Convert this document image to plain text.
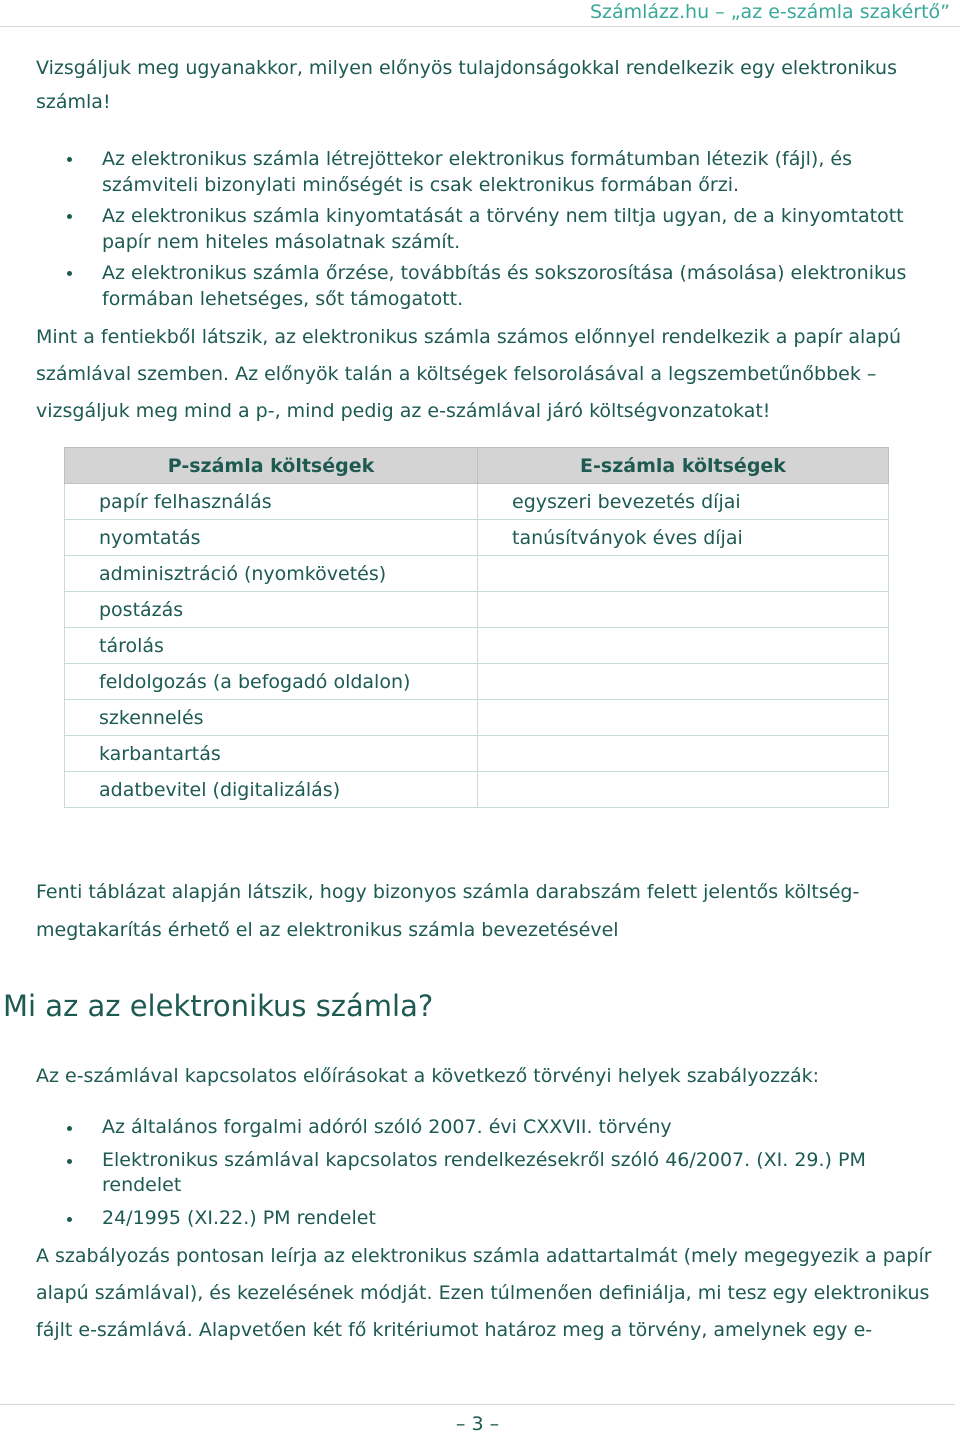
Számlázz.hu – „az e-számla szakértő”

Vizsgáljuk meg ugyanakkor, milyen előnyös tulajdonságokkal rendelkezik egy elektronikus számla!

Az elektronikus számla létrejöttekor elektronikus formátumban létezik (fájl), és számviteli bizonylati minőségét is csak elektronikus formában őrzi.
Az elektronikus számla kinyomtatását a törvény nem tiltja ugyan, de a kinyomtatott papír nem hiteles másolatnak számít.
Az elektronikus számla őrzése, továbbítás és sokszorosítása (másolása) elektronikus formában lehetséges, sőt támogatott.

Mint a fentiekből látszik, az elektronikus számla számos előnnyel rendelkezik a papír alapú számlával szemben. Az előnyök talán a költségek felsorolásával a legszembetűnőbbek – vizsgáljuk meg mind a p-, mind pedig az e-számlával járó költségvonzatokat!

P-számla költségek	E-számla költségek
papír felhasználás	egyszeri bevezetés díjai
nyomtatás	tanúsítványok éves díjai
adminisztráció (nyomkövetés)	
postázás	
tárolás	
feldolgozás (a befogadó oldalon)	
szkennelés	
karbantartás	
adatbevitel (digitalizálás)	

Fenti táblázat alapján látszik, hogy bizonyos számla darabszám felett jelentős költség-megtakarítás érhető el az elektronikus számla bevezetésével

Mi az az elektronikus számla?

Az e-számlával kapcsolatos előírásokat a következő törvényi helyek szabályozzák:

Az általános forgalmi adóról szóló 2007. évi CXXVII. törvény
Elektronikus számlával kapcsolatos rendelkezésekről szóló 46/2007. (XI. 29.) PM rendelet
24/1995 (XI.22.) PM rendelet

A szabályozás pontosan leírja az elektronikus számla adattartalmát (mely megegyezik a papír alapú számlával), és kezelésének módját. Ezen túlmenően definiálja, mi tesz egy elektronikus fájlt e-számlává. Alapvetően két fő kritériumot határoz meg a törvény, amelynek egy e-

– 3 –
